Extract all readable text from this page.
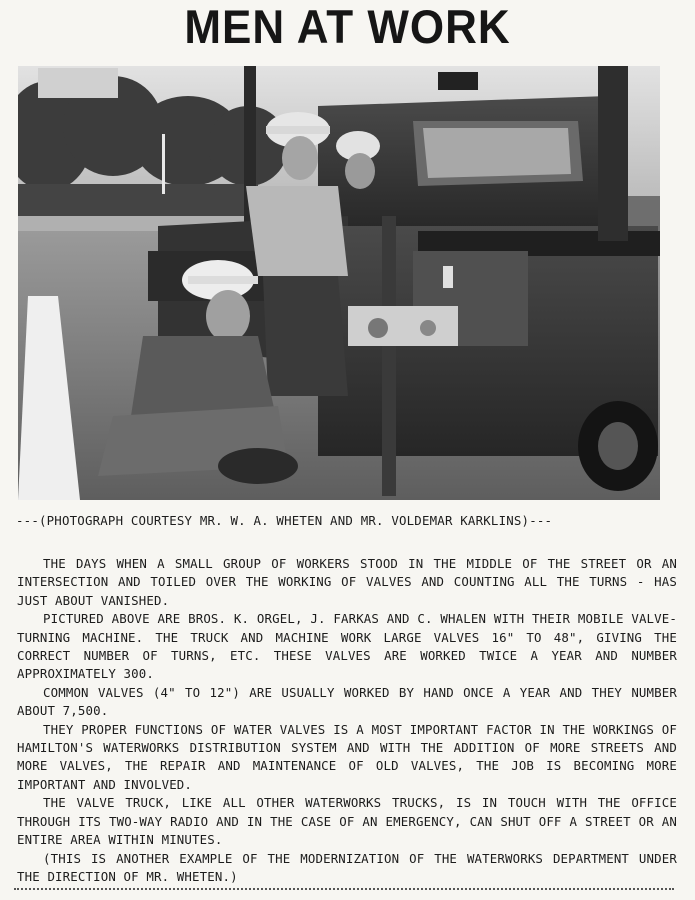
MEN AT WORK
---(PHOTOGRAPH COURTESY MR. W. A. WHETEN AND MR. VOLDEMAR KARKLINS)---

THE DAYS WHEN A SMALL GROUP OF WORKERS STOOD IN THE MIDDLE OF THE STREET OR AN INTERSECTION AND TOILED OVER THE WORKING OF VALVES AND COUNTING ALL THE TURNS - HAS JUST ABOUT VANISHED.

PICTURED ABOVE ARE BROS. K. ORGEL, J. FARKAS AND C. WHALEN WITH THEIR MOBILE VALVE-TURNING MACHINE. THE TRUCK AND MACHINE WORK LARGE VALVES 16" TO 48", GIVING THE CORRECT NUMBER OF TURNS, ETC. THESE VALVES ARE WORKED TWICE A YEAR AND NUMBER APPROXIMATELY 300.

COMMON VALVES (4" TO 12") ARE USUALLY WORKED BY HAND ONCE A YEAR AND THEY NUMBER ABOUT 7,500.

THEY PROPER FUNCTIONS OF WATER VALVES IS A MOST IMPORTANT FACTOR IN THE WORKINGS OF HAMILTON'S WATERWORKS DISTRIBUTION SYSTEM AND WITH THE ADDITION OF MORE STREETS AND MORE VALVES, THE REPAIR AND MAINTENANCE OF OLD VALVES, THE JOB IS BECOMING MORE IMPORTANT AND INVOLVED.

THE VALVE TRUCK, LIKE ALL OTHER WATERWORKS TRUCKS, IS IN TOUCH WITH THE OFFICE THROUGH ITS TWO-WAY RADIO AND IN THE CASE OF AN EMERGENCY, CAN SHUT OFF A STREET OR AN ENTIRE AREA WITHIN MINUTES.

(THIS IS ANOTHER EXAMPLE OF THE MODERNIZATION OF THE WATERWORKS DEPARTMENT UNDER THE DIRECTION OF MR. WHETEN.)
